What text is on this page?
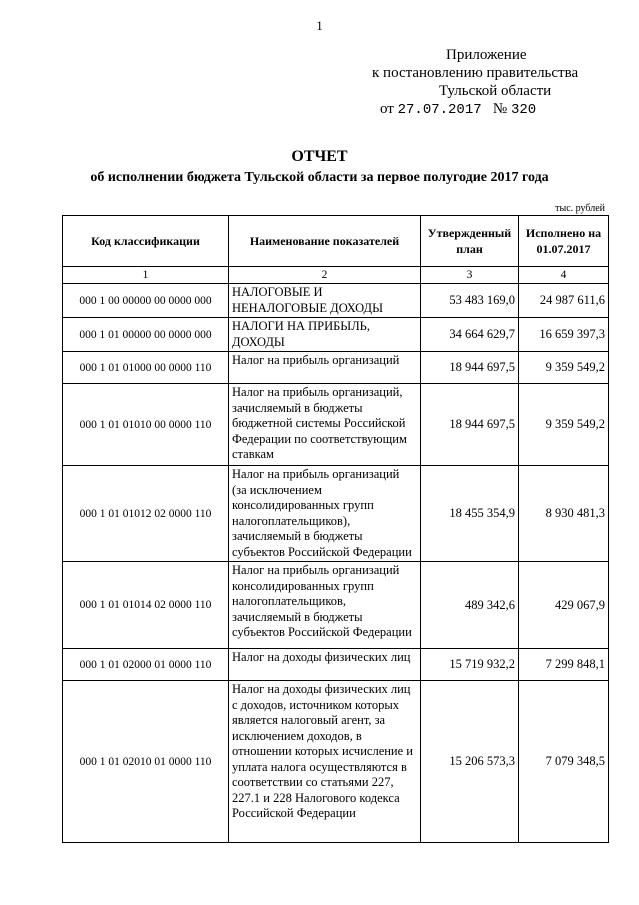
1
Приложение
к постановлению правительства
Тульской области
от 27.07.2017 № 320
ОТЧЕТ
об исполнении бюджета Тульской области за первое полугодие 2017 года
тыс. рублей
Код классификации	Наименование показателей	Утвержденный план	Исполнено на 01.07.2017
1	2	3	4
000 1 00 00000 00 0000 000	НАЛОГОВЫЕ И НЕНАЛОГОВЫЕ ДОХОДЫ	53 483 169,0	24 987 611,6
000 1 01 00000 00 0000 000	НАЛОГИ НА ПРИБЫЛЬ, ДОХОДЫ	34 664 629,7	16 659 397,3
000 1 01 01000 00 0000 110	Налог на прибыль организаций	18 944 697,5	9 359 549,2
000 1 01 01010 00 0000 110	Налог на прибыль организаций, зачисляемый в бюджеты бюджетной системы Российской Федерации по соответствующим ставкам	18 944 697,5	9 359 549,2
000 1 01 01012 02 0000 110	Налог на прибыль организаций (за исключением консолидированных групп налогоплательщиков), зачисляемый в бюджеты субъектов Российской Федерации	18 455 354,9	8 930 481,3
000 1 01 01014 02 0000 110	Налог на прибыль организаций консолидированных групп налогоплательщиков, зачисляемый в бюджеты субъектов Российской Федерации	489 342,6	429 067,9
000 1 01 02000 01 0000 110	Налог на доходы физических лиц	15 719 932,2	7 299 848,1
000 1 01 02010 01 0000 110	Налог на доходы физических лиц с доходов, источником которых является налоговый агент, за исключением доходов, в отношении которых исчисление и уплата налога осуществляются в соответствии со статьями 227, 227.1 и 228 Налогового кодекса Российской Федерации	15 206 573,3	7 079 348,5
